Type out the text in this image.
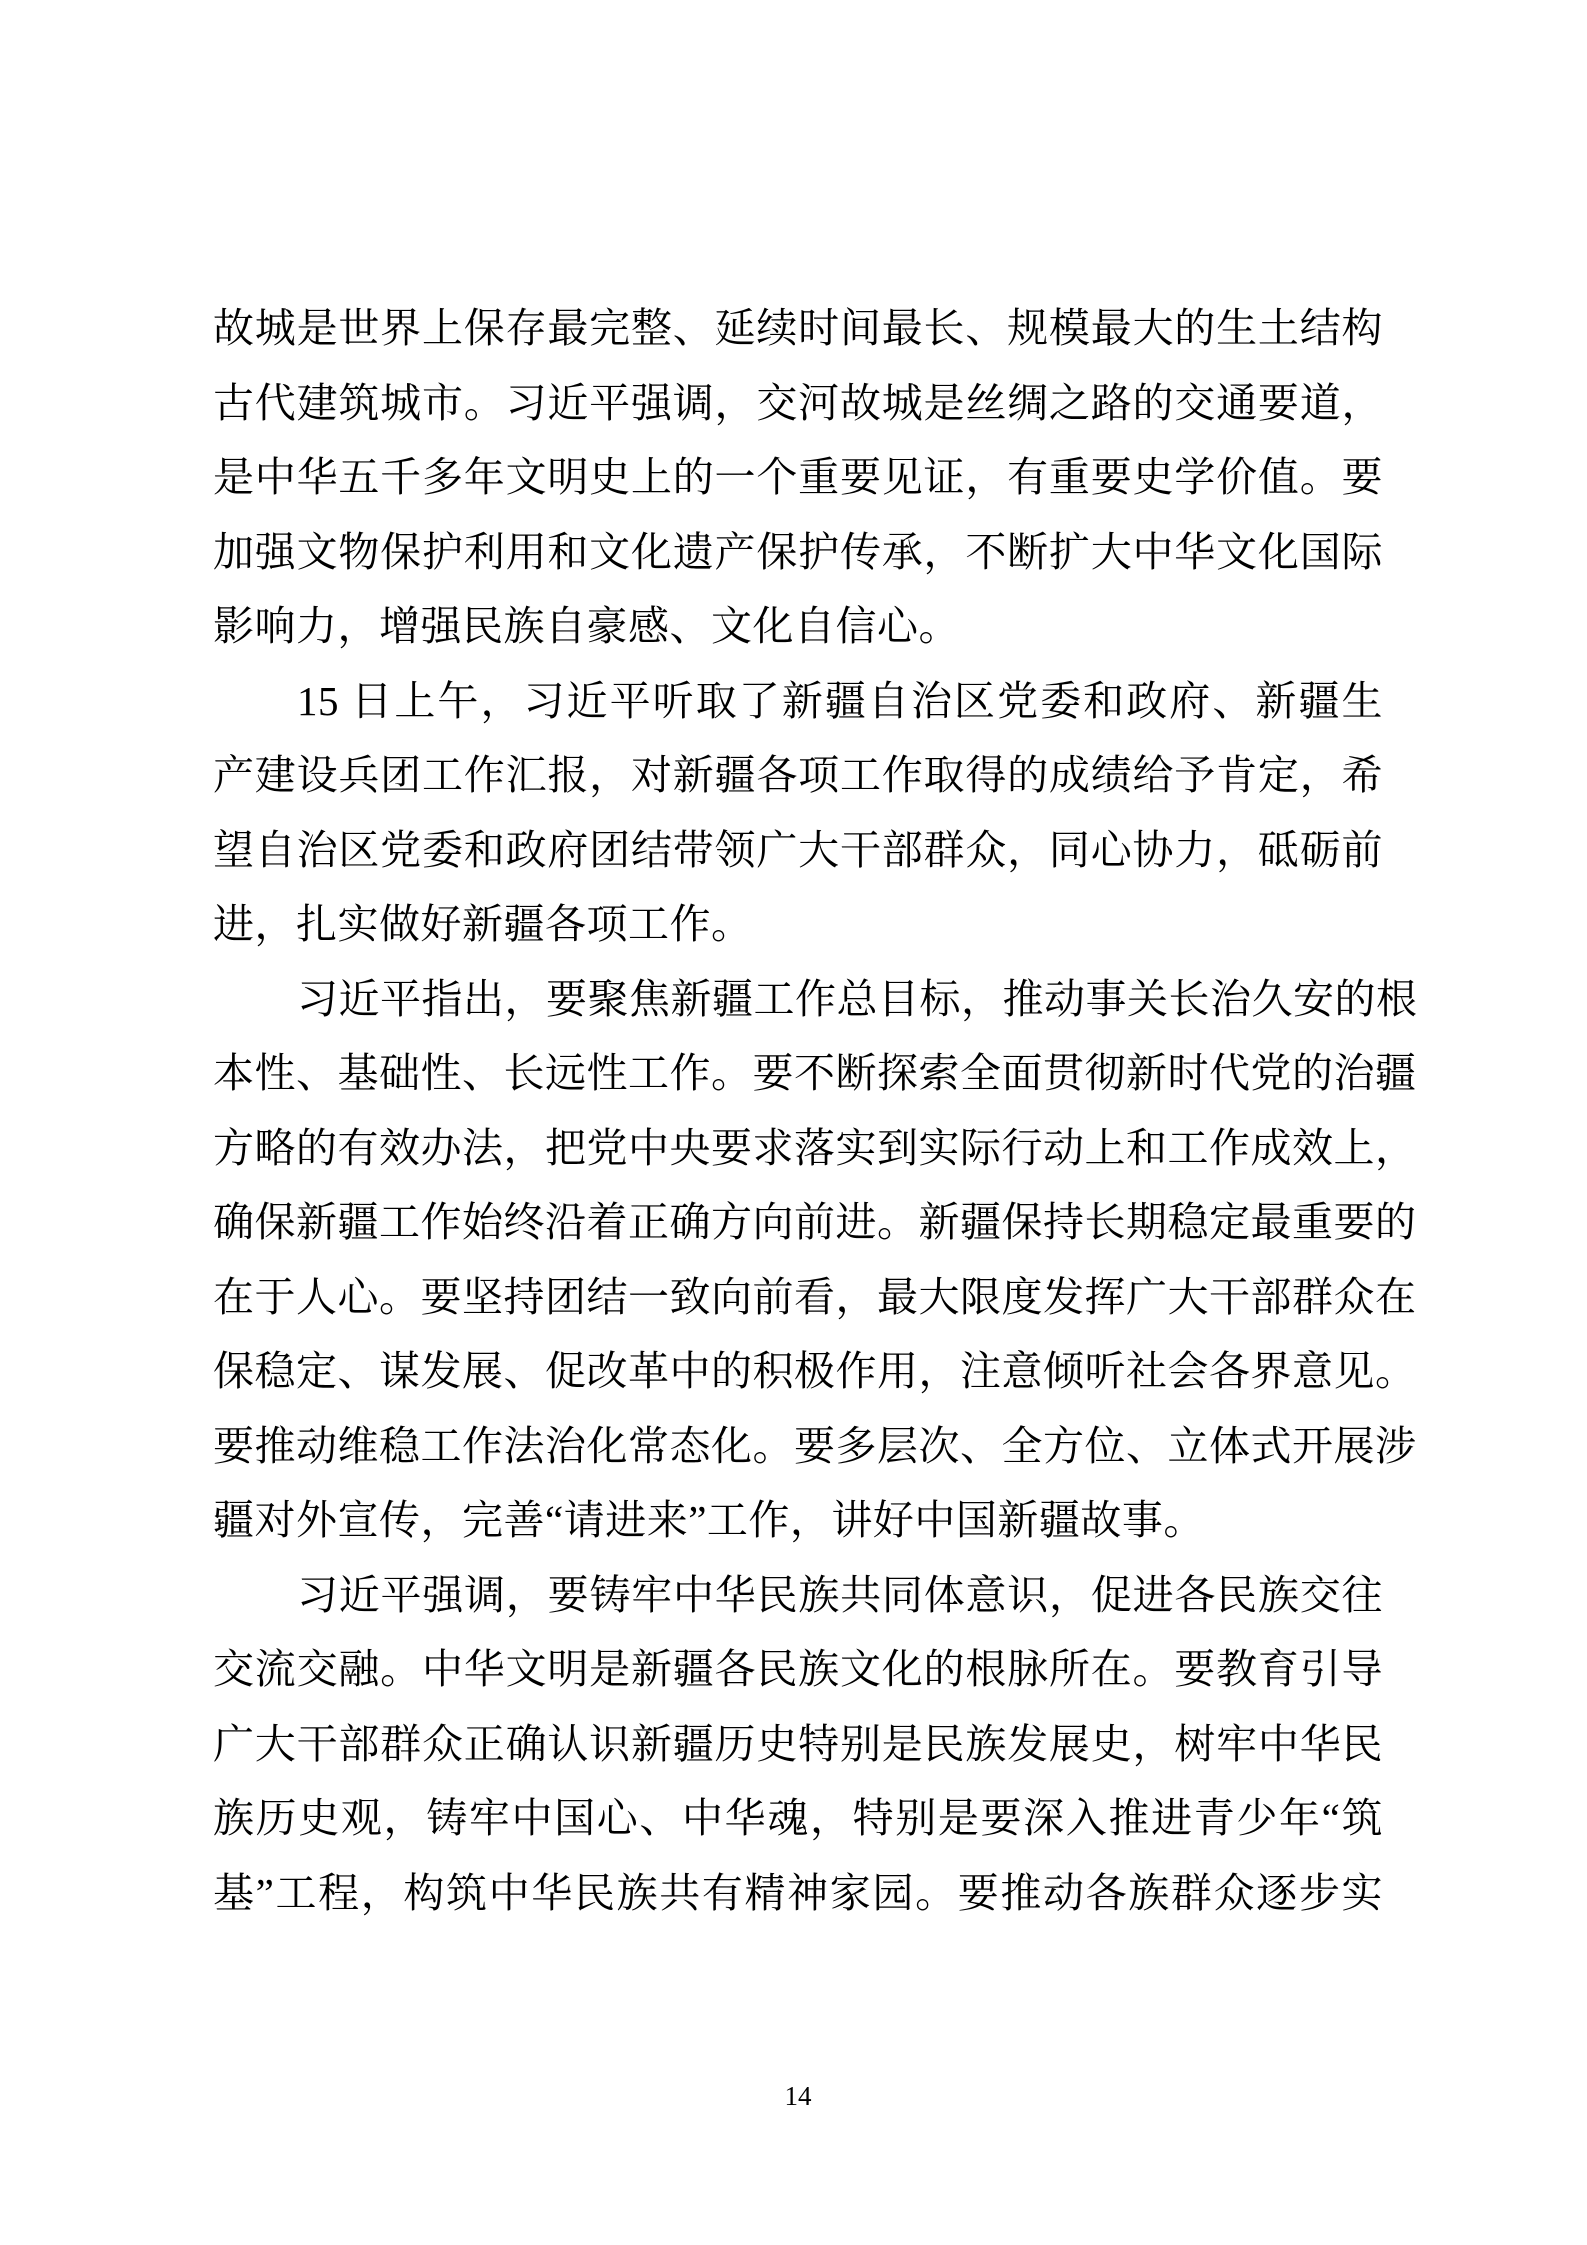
故城是世界上保存最完整、延续时间最长、规模最大的生土结构
古代建筑城市。习近平强调，交河故城是丝绸之路的交通要道，
是中华五千多年文明史上的一个重要见证，有重要史学价值。要
加强文物保护利用和文化遗产保护传承，不断扩大中华文化国际
影响力，增强民族自豪感、文化自信心。
15 日上午，习近平听取了新疆自治区党委和政府、新疆生
产建设兵团工作汇报，对新疆各项工作取得的成绩给予肯定，希
望自治区党委和政府团结带领广大干部群众，同心协力，砥砺前
进，扎实做好新疆各项工作。
习近平指出，要聚焦新疆工作总目标，推动事关长治久安的根
本性、基础性、长远性工作。要不断探索全面贯彻新时代党的治疆
方略的有效办法，把党中央要求落实到实际行动上和工作成效上，
确保新疆工作始终沿着正确方向前进。新疆保持长期稳定最重要的
在于人心。要坚持团结一致向前看，最大限度发挥广大干部群众在
保稳定、谋发展、促改革中的积极作用，注意倾听社会各界意见。
要推动维稳工作法治化常态化。要多层次、全方位、立体式开展涉
疆对外宣传，完善“请进来”工作，讲好中国新疆故事。
习近平强调，要铸牢中华民族共同体意识，促进各民族交往
交流交融。中华文明是新疆各民族文化的根脉所在。要教育引导
广大干部群众正确认识新疆历史特别是民族发展史，树牢中华民
族历史观，铸牢中国心、中华魂，特别是要深入推进青少年“筑
基”工程，构筑中华民族共有精神家园。要推动各族群众逐步实
14
